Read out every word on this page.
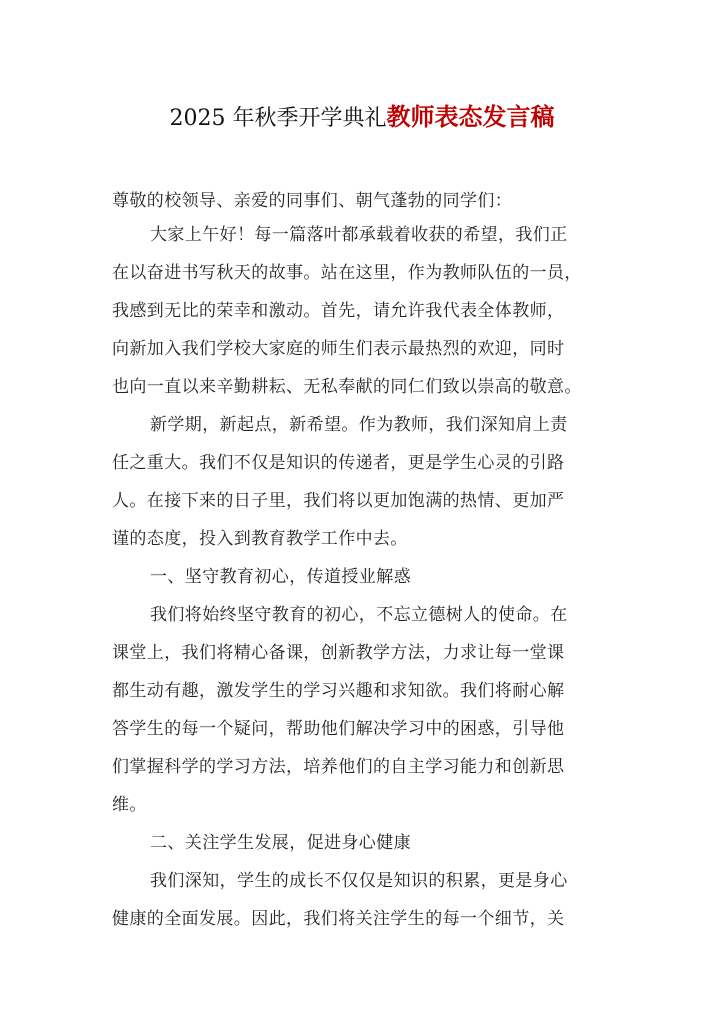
2025 年秋季开学典礼教师表态发言稿
尊敬的校领导、亲爱的同事们、朝气蓬勃的同学们：
大家上午好！每一篇落叶都承载着收获的希望，我们正
在以奋进书写秋天的故事。站在这里，作为教师队伍的一员，
我感到无比的荣幸和激动。首先，请允许我代表全体教师，
向新加入我们学校大家庭的师生们表示最热烈的欢迎，同时
也向一直以来辛勤耕耘、无私奉献的同仁们致以崇高的敬意。
新学期，新起点，新希望。作为教师，我们深知肩上责
任之重大。我们不仅是知识的传递者，更是学生心灵的引路
人。在接下来的日子里，我们将以更加饱满的热情、更加严
谨的态度，投入到教育教学工作中去。
一、坚守教育初心，传道授业解惑
我们将始终坚守教育的初心，不忘立德树人的使命。在
课堂上，我们将精心备课，创新教学方法，力求让每一堂课
都生动有趣，激发学生的学习兴趣和求知欲。我们将耐心解
答学生的每一个疑问，帮助他们解决学习中的困惑，引导他
们掌握科学的学习方法，培养他们的自主学习能力和创新思
维。
二、关注学生发展，促进身心健康
我们深知，学生的成长不仅仅是知识的积累，更是身心
健康的全面发展。因此，我们将关注学生的每一个细节，关
